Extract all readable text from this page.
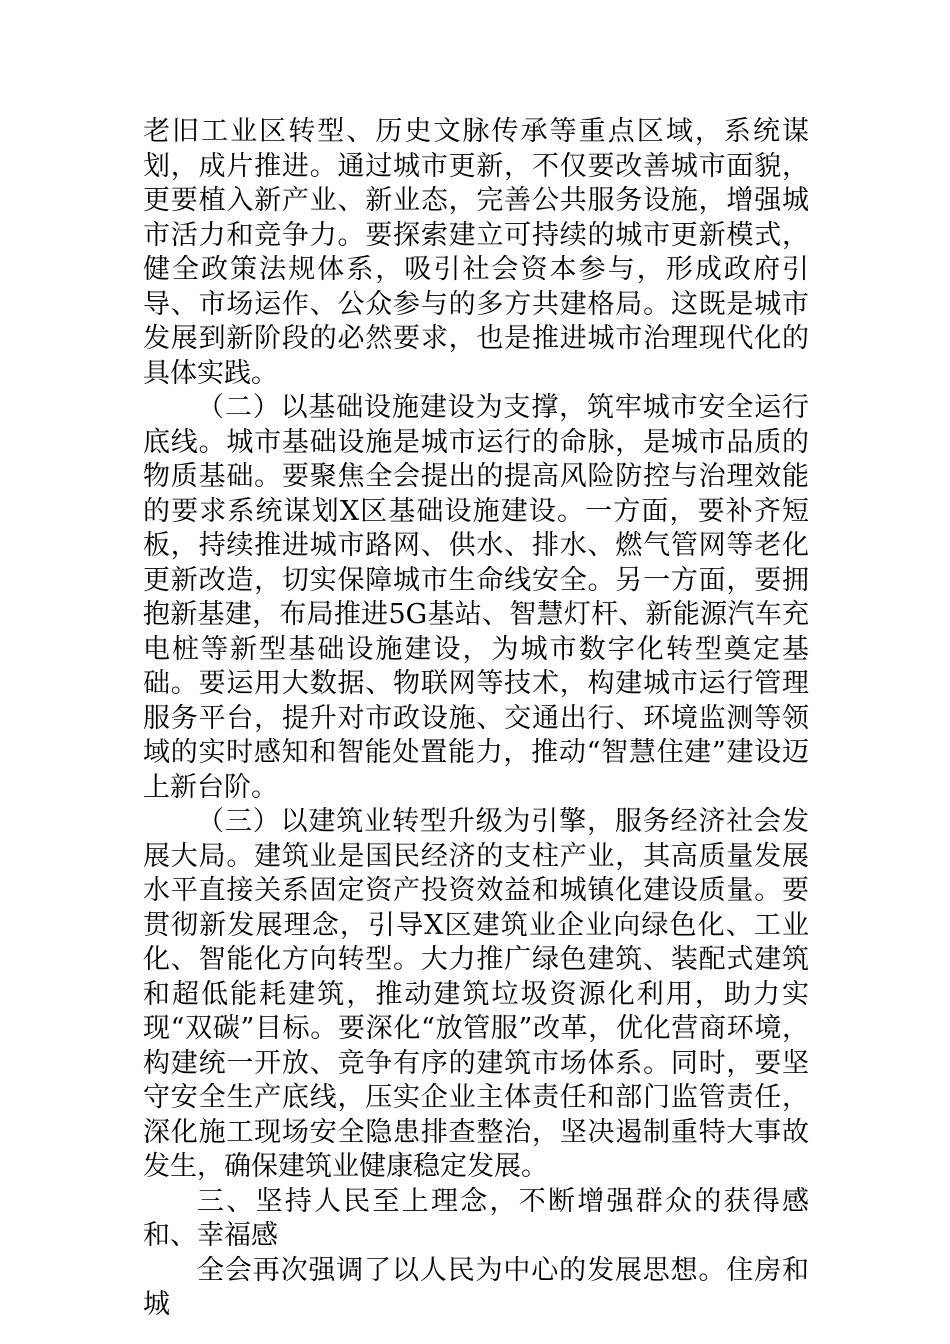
老旧工业区转型、历史文脉传承等重点区域，系统谋划，成片推进。通过城市更新，不仅要改善城市面貌，更要植入新产业、新业态，完善公共服务设施，增强城市活力和竞争力。要探索建立可持续的城市更新模式，健全政策法规体系，吸引社会资本参与，形成政府引导、市场运作、公众参与的多方共建格局。这既是城市发展到新阶段的必然要求，也是推进城市治理现代化的具体实践。

（二）以基础设施建设为支撑，筑牢城市安全运行底线。城市基础设施是城市运行的命脉，是城市品质的物质基础。要聚焦全会提出的提高风险防控与治理效能的要求系统谋划X区基础设施建设。一方面，要补齐短板，持续推进城市路网、供水、排水、燃气管网等老化更新改造，切实保障城市生命线安全。另一方面，要拥抱新基建，布局推进5G基站、智慧灯杆、新能源汽车充电桩等新型基础设施建设，为城市数字化转型奠定基础。要运用大数据、物联网等技术，构建城市运行管理服务平台，提升对市政设施、交通出行、环境监测等领域的实时感知和智能处置能力，推动“智慧住建”建设迈上新台阶。

（三）以建筑业转型升级为引擎，服务经济社会发展大局。建筑业是国民经济的支柱产业，其高质量发展水平直接关系固定资产投资效益和城镇化建设质量。要贯彻新发展理念，引导X区建筑业企业向绿色化、工业化、智能化方向转型。大力推广绿色建筑、装配式建筑和超低能耗建筑，推动建筑垃圾资源化利用，助力实现“双碳”目标。要深化“放管服”改革，优化营商环境，构建统一开放、竞争有序的建筑市场体系。同时，要坚守安全生产底线，压实企业主体责任和部门监管责任，深化施工现场安全隐患排查整治，坚决遏制重特大事故发生，确保建筑业健康稳定发展。

三、坚持人民至上理念，不断增强群众的获得感和、幸福感

全会再次强调了以人民为中心的发展思想。住房和城
